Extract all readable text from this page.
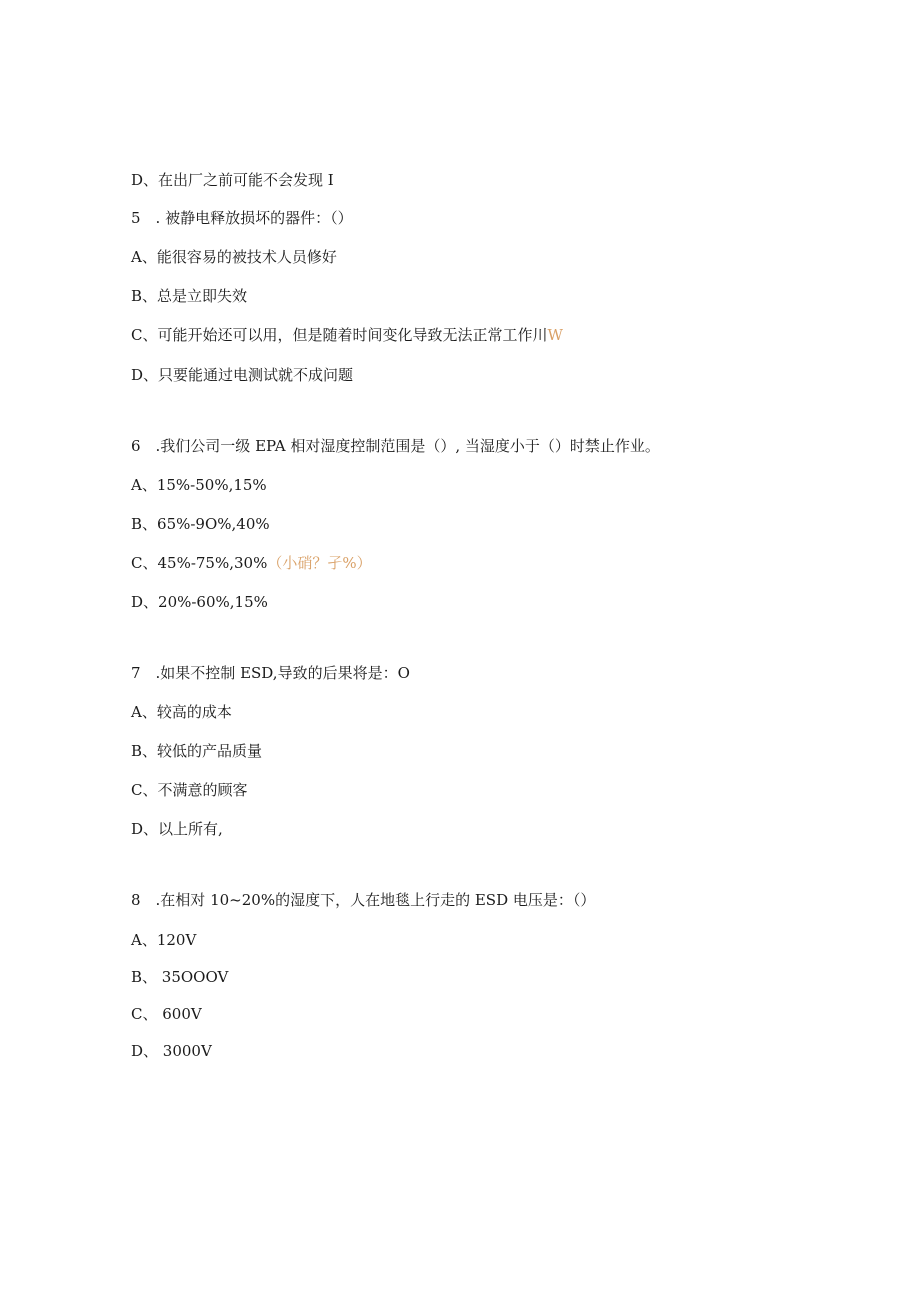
D、在出厂之前可能不会发现 I
5　. 被静电释放损坏的器件：（）
A、能很容易的被技术人员修好
B、总是立即失效
C、可能开始还可以用，但是随着时间变化导致无法正常工作川W
D、只要能通过电测试就不成问题
6　.我们公司一级 EPA 相对湿度控制范围是（）, 当湿度小于（）时禁止作业。
A、15%-50%,15%
B、65%-9O%,40%
C、45%-75%,30%（小硝？孑%）
D、20%-60%,15%
7　.如果不控制 ESD,导致的后果将是：O
A、较高的成本
B、较低的产品质量
C、不满意的顾客
D、以上所有,
8　.在相对 10~20%的湿度下，人在地毯上行走的 ESD 电压是：（）
A、120V
B、 35OOOV
C、 600V
D、 3000V
